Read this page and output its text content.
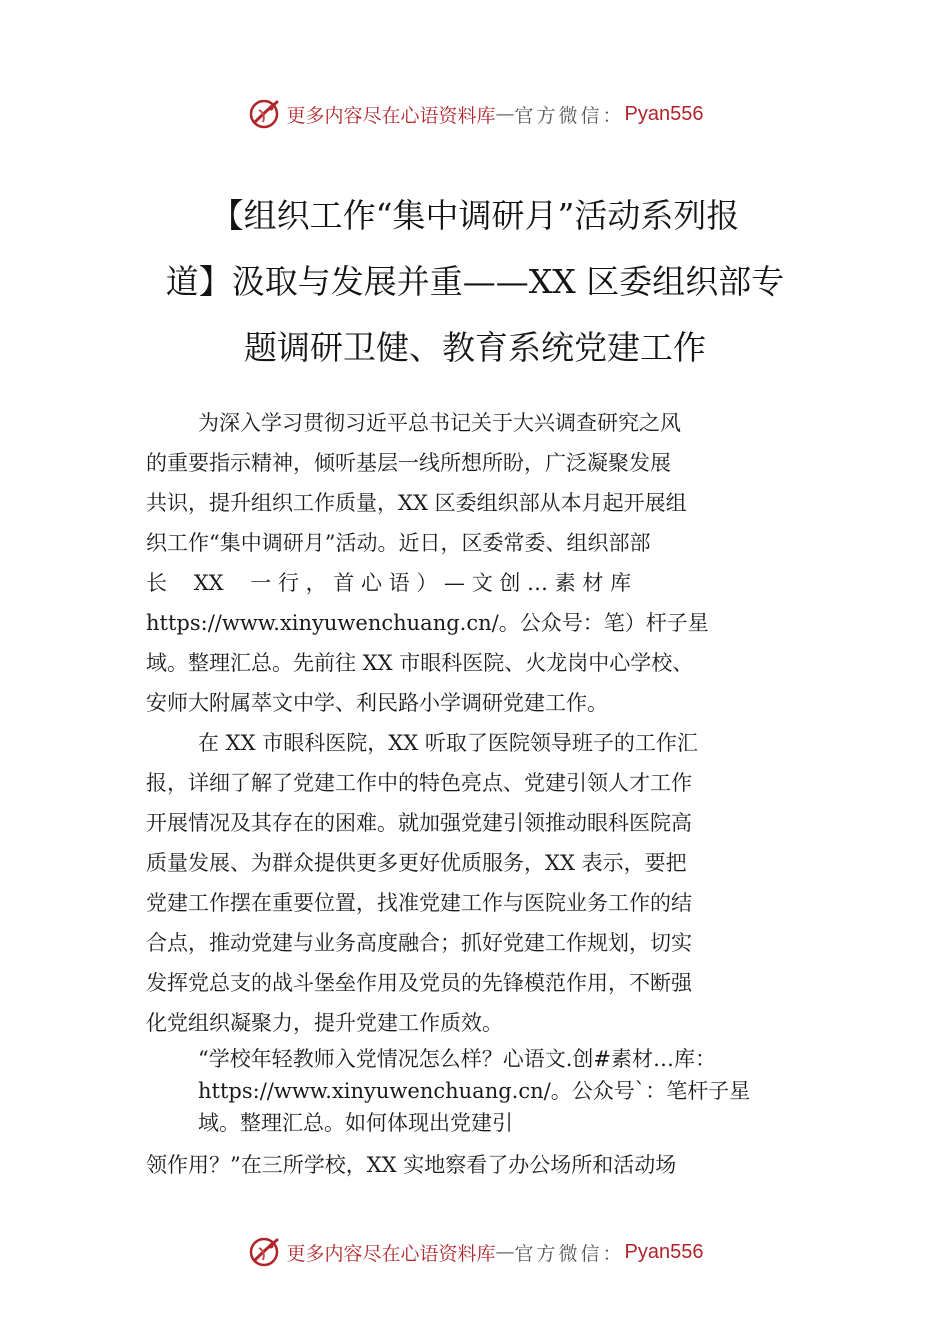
更多内容尽在心语资料库 — 官方微信： Pyan556
【组织工作“集中调研月”活动系列报
道】汲取与发展并重——XX 区委组织部专
题调研卫健、教育系统党建工作

为深入学习贯彻习近平总书记关于大兴调查研究之风
的重要指示精神，倾听基层一线所想所盼，广泛凝聚发展
共识，提升组织工作质量，XX 区委组织部从本月起开展组
织工作“集中调研月”活动。近日，区委常委、组织部部
长    XX    一 行 ， 首 心 语 ） — 文 创 … 素 材 库
https://www.xinyuwenchuang.cn/。公众号：笔）杆子星
域。整理汇总。先前往 XX 市眼科医院、火龙岗中心学校、
安师大附属萃文中学、利民路小学调研党建工作。

在 XX 市眼科医院，XX 听取了医院领导班子的工作汇
报，详细了解了党建工作中的特色亮点、党建引领人才工作
开展情况及其存在的困难。就加强党建引领推动眼科医院高
质量发展、为群众提供更多更好优质服务，XX 表示，要把
党建工作摆在重要位置，找准党建工作与医院业务工作的结
合点，推动党建与业务高度融合；抓好党建工作规划，切实
发挥党总支的战斗堡垒作用及党员的先锋模范作用，不断强
化党组织凝聚力，提升党建工作质效。

“学校年轻教师入党情况怎么样？心语文.创#素材…库：
https://www.xinyuwenchuang.cn/。公众号`：笔杆子星
域。整理汇总。如何体现出党建引

领作用？”在三所学校，XX 实地察看了办公场所和活动场

更多内容尽在心语资料库 — 官方微信： Pyan556
